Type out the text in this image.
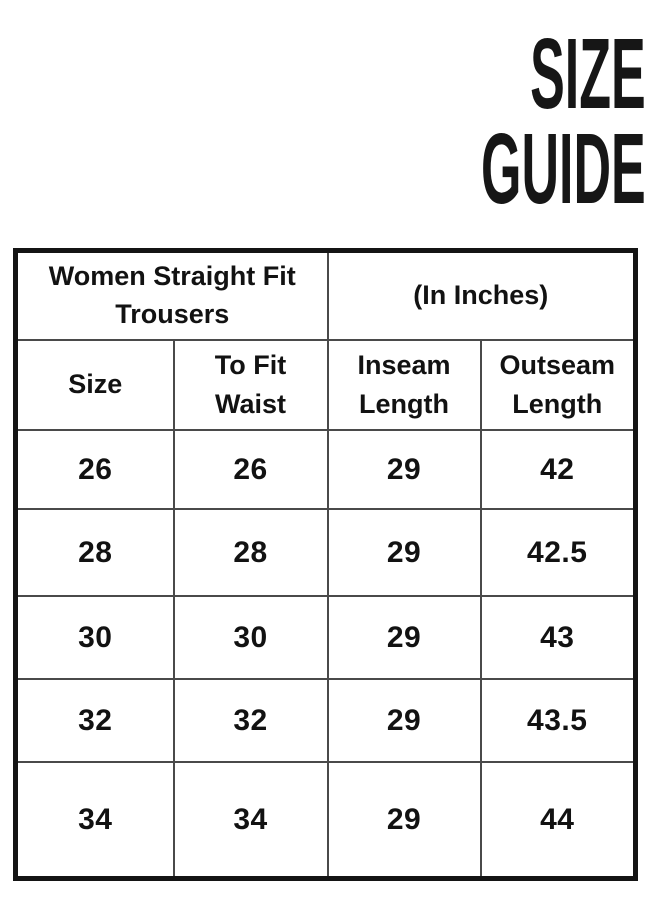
SIZE
GUIDE
Women Straight Fit Trousers		(In Inches)	
Size	To Fit Waist	Inseam Length	Outseam Length
26	26	29	42
28	28	29	42.5
30	30	29	43
32	32	29	43.5
34	34	29	44
